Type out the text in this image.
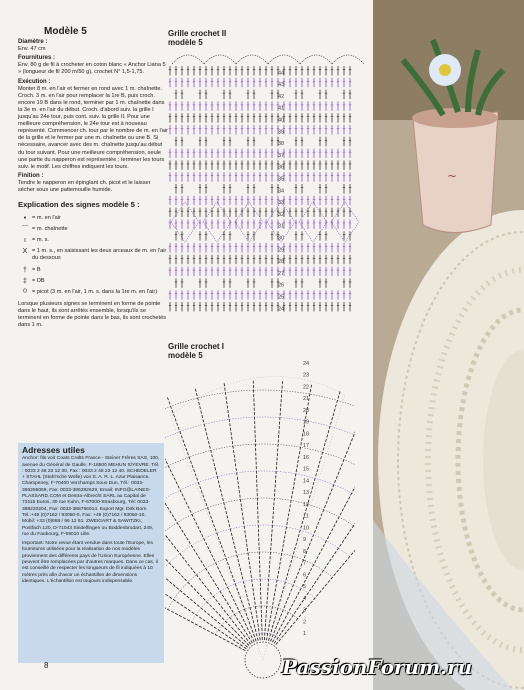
Modèle 5
Diamètre :

Env. 47 cm

Fournitures :

Env. 80 g de fil à crocheter en coton blanc « Anchor Liana 5 » (longueur de fil 200 m/50 g), crochet N° 1,5-1,75.

Exécution :

Monter 8 m. en l'air et fermer en rond avec 1 m. chaînette. Croch. 3 m. en l'air pour remplacer la 1re B, puis croch. encore 19 B dans le rond, terminer par 1 m. chaînette dans la 3e m. en l'air du début. Croch. d'abord suiv. la grille I jusqu'au 24e tour, puis cont. suiv. la grille II. Pour une meilleure compréhension, le 24e tour est à nouveau représenté. Commencer ch. tour par le nombre de m. en l'air de la grille et le fermer par une m. chaînette ou une B. Si nécessaire, avancer avec des m. chaînette jusqu'au début du tour suivant. Pour une meilleure compréhension, seule une partie du napperon est représentée ; terminer les tours suiv. le motif. Les chiffres indiquent les tours.

Finition :

Tendre le napperon en épinglant ch. picot et le laisser sécher sous une pattemouille humide.

Explication des signes modèle 5 :
•	= m. en l'air
⌒ = m. chaînette
ı	= m. s.
X = 1 m. s., en saisissant les deux arceaux de m. en l'air du dessous
† = B
‡ = DB
ᴼ = picot (3 m. en l'air, 1 m. s. dans la 1re m. en l'air)

Lorsque plusieurs signes se terminent en forme de pointe dans le haut, ils sont arrêtés ensemble, lorsqu'ils se terminent en forme de pointe dans le bas, ils sont crochetés dans 1 m.

Adresses utiles
Anchor: fils voir Coats Crafts France - Steiner Frères SAS, 100, avenue du Général de Gaulle, F-18500 MEHUN S/YEVRE. Tél. : 0033 2 48 23 12 30, Fax : 0033 2 48 23 12 40. SCHEDELER + STAHL (Stahl'sche Wolle) voir S. A. R. L. Azur Plaisance, Champeney, F-70400 Verchamps Sous Dun, Tél.: 0033-386286066, Fax: 0033-386282629, Email: INFO@LAINES-PLASSARD.COM et Destra-Albrecht SARL au Capital de 73115 Euros, 30 rue Kuhn, F-67000-Strasbourg, Tél: 0033-388220204, Fax: 0033-388756014. Export Mgr. Dirk Born Tel.:+49 (0)7162 / 93050-0, Fax: +49 (0)7162 / 93050-10, Mobil: +33 (0)688 / 96 12 61. ZWEIGART & SAWITZKI, Postfach 120, D-71043 Sindelfingen ou Boddenbrodart, 249, rue du Faubourg, F-59010 Lille.
Important: Notre revue étant vendue dans toute l'Europe, les fournitures utilisées pour la réalisation de nos modèles proviennent des différents pays de l'Union Européenne. Elles peuvent être remplacées par d'autres marques. Dans ce cas, il est conseillé de respecter les longueurs de fil indiquées à 10 mètres près afin d'avoir un échantillon de dimensions identiques. L'échantillon est toujours indispensable.
8
Grille crochet II
modèle 5
Grille crochet I
modèle 5
44
43
42
41
40
39
38
37
36
35
34
33
32
31
30
29
28
27
26
25
24
24
23
22
21
20
19
18
17
16
15
14
13
12
11
10
9
8
7
6
5
4
3
2
1
~
PassionForum.ru
